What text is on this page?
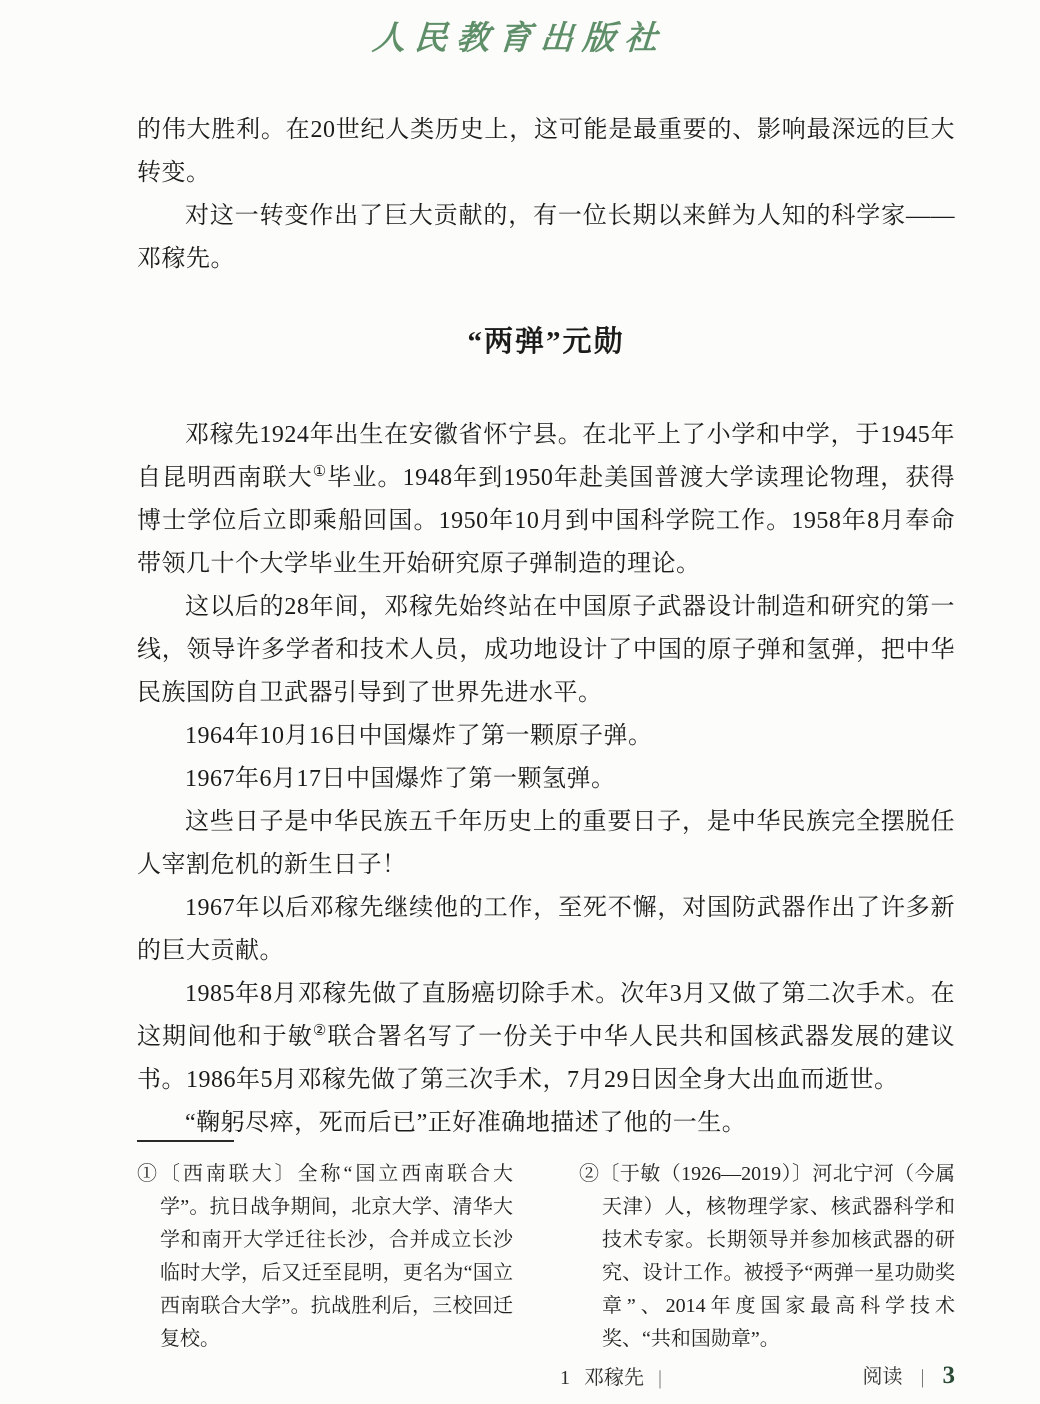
人民教育出版社

的伟大胜利。在20世纪人类历史上，这可能是最重要的、影响最深远的巨大转变。

对这一转变作出了巨大贡献的，有一位长期以来鲜为人知的科学家——邓稼先。

“两弹”元勋

邓稼先1924年出生在安徽省怀宁县。在北平上了小学和中学，于1945年自昆明西南联大①毕业。1948年到1950年赴美国普渡大学读理论物理，获得博士学位后立即乘船回国。1950年10月到中国科学院工作。1958年8月奉命带领几十个大学毕业生开始研究原子弹制造的理论。

这以后的28年间，邓稼先始终站在中国原子武器设计制造和研究的第一线，领导许多学者和技术人员，成功地设计了中国的原子弹和氢弹，把中华民族国防自卫武器引导到了世界先进水平。

1964年10月16日中国爆炸了第一颗原子弹。

1967年6月17日中国爆炸了第一颗氢弹。

这些日子是中华民族五千年历史上的重要日子，是中华民族完全摆脱任人宰割危机的新生日子！

1967年以后邓稼先继续他的工作，至死不懈，对国防武器作出了许多新的巨大贡献。

1985年8月邓稼先做了直肠癌切除手术。次年3月又做了第二次手术。在这期间他和于敏②联合署名写了一份关于中华人民共和国核武器发展的建议书。1986年5月邓稼先做了第三次手术，7月29日因全身大出血而逝世。

“鞠躬尽瘁，死而后已”正好准确地描述了他的一生。

①〔西南联大〕全称“国立西南联合大学”。抗日战争期间，北京大学、清华大学和南开大学迁往长沙，合并成立长沙临时大学，后又迁至昆明，更名为“国立西南联合大学”。抗战胜利后，三校回迁复校。

②〔于敏（1926—2019）〕河北宁河（今属天津）人，核物理学家、核武器科学和技术专家。长期领导并参加核武器的研究、设计工作。被授予“两弹一星功勋奖章”、2014年度国家最高科学技术奖、“共和国勋章”。

1 邓稼先 |	阅读 | 3
